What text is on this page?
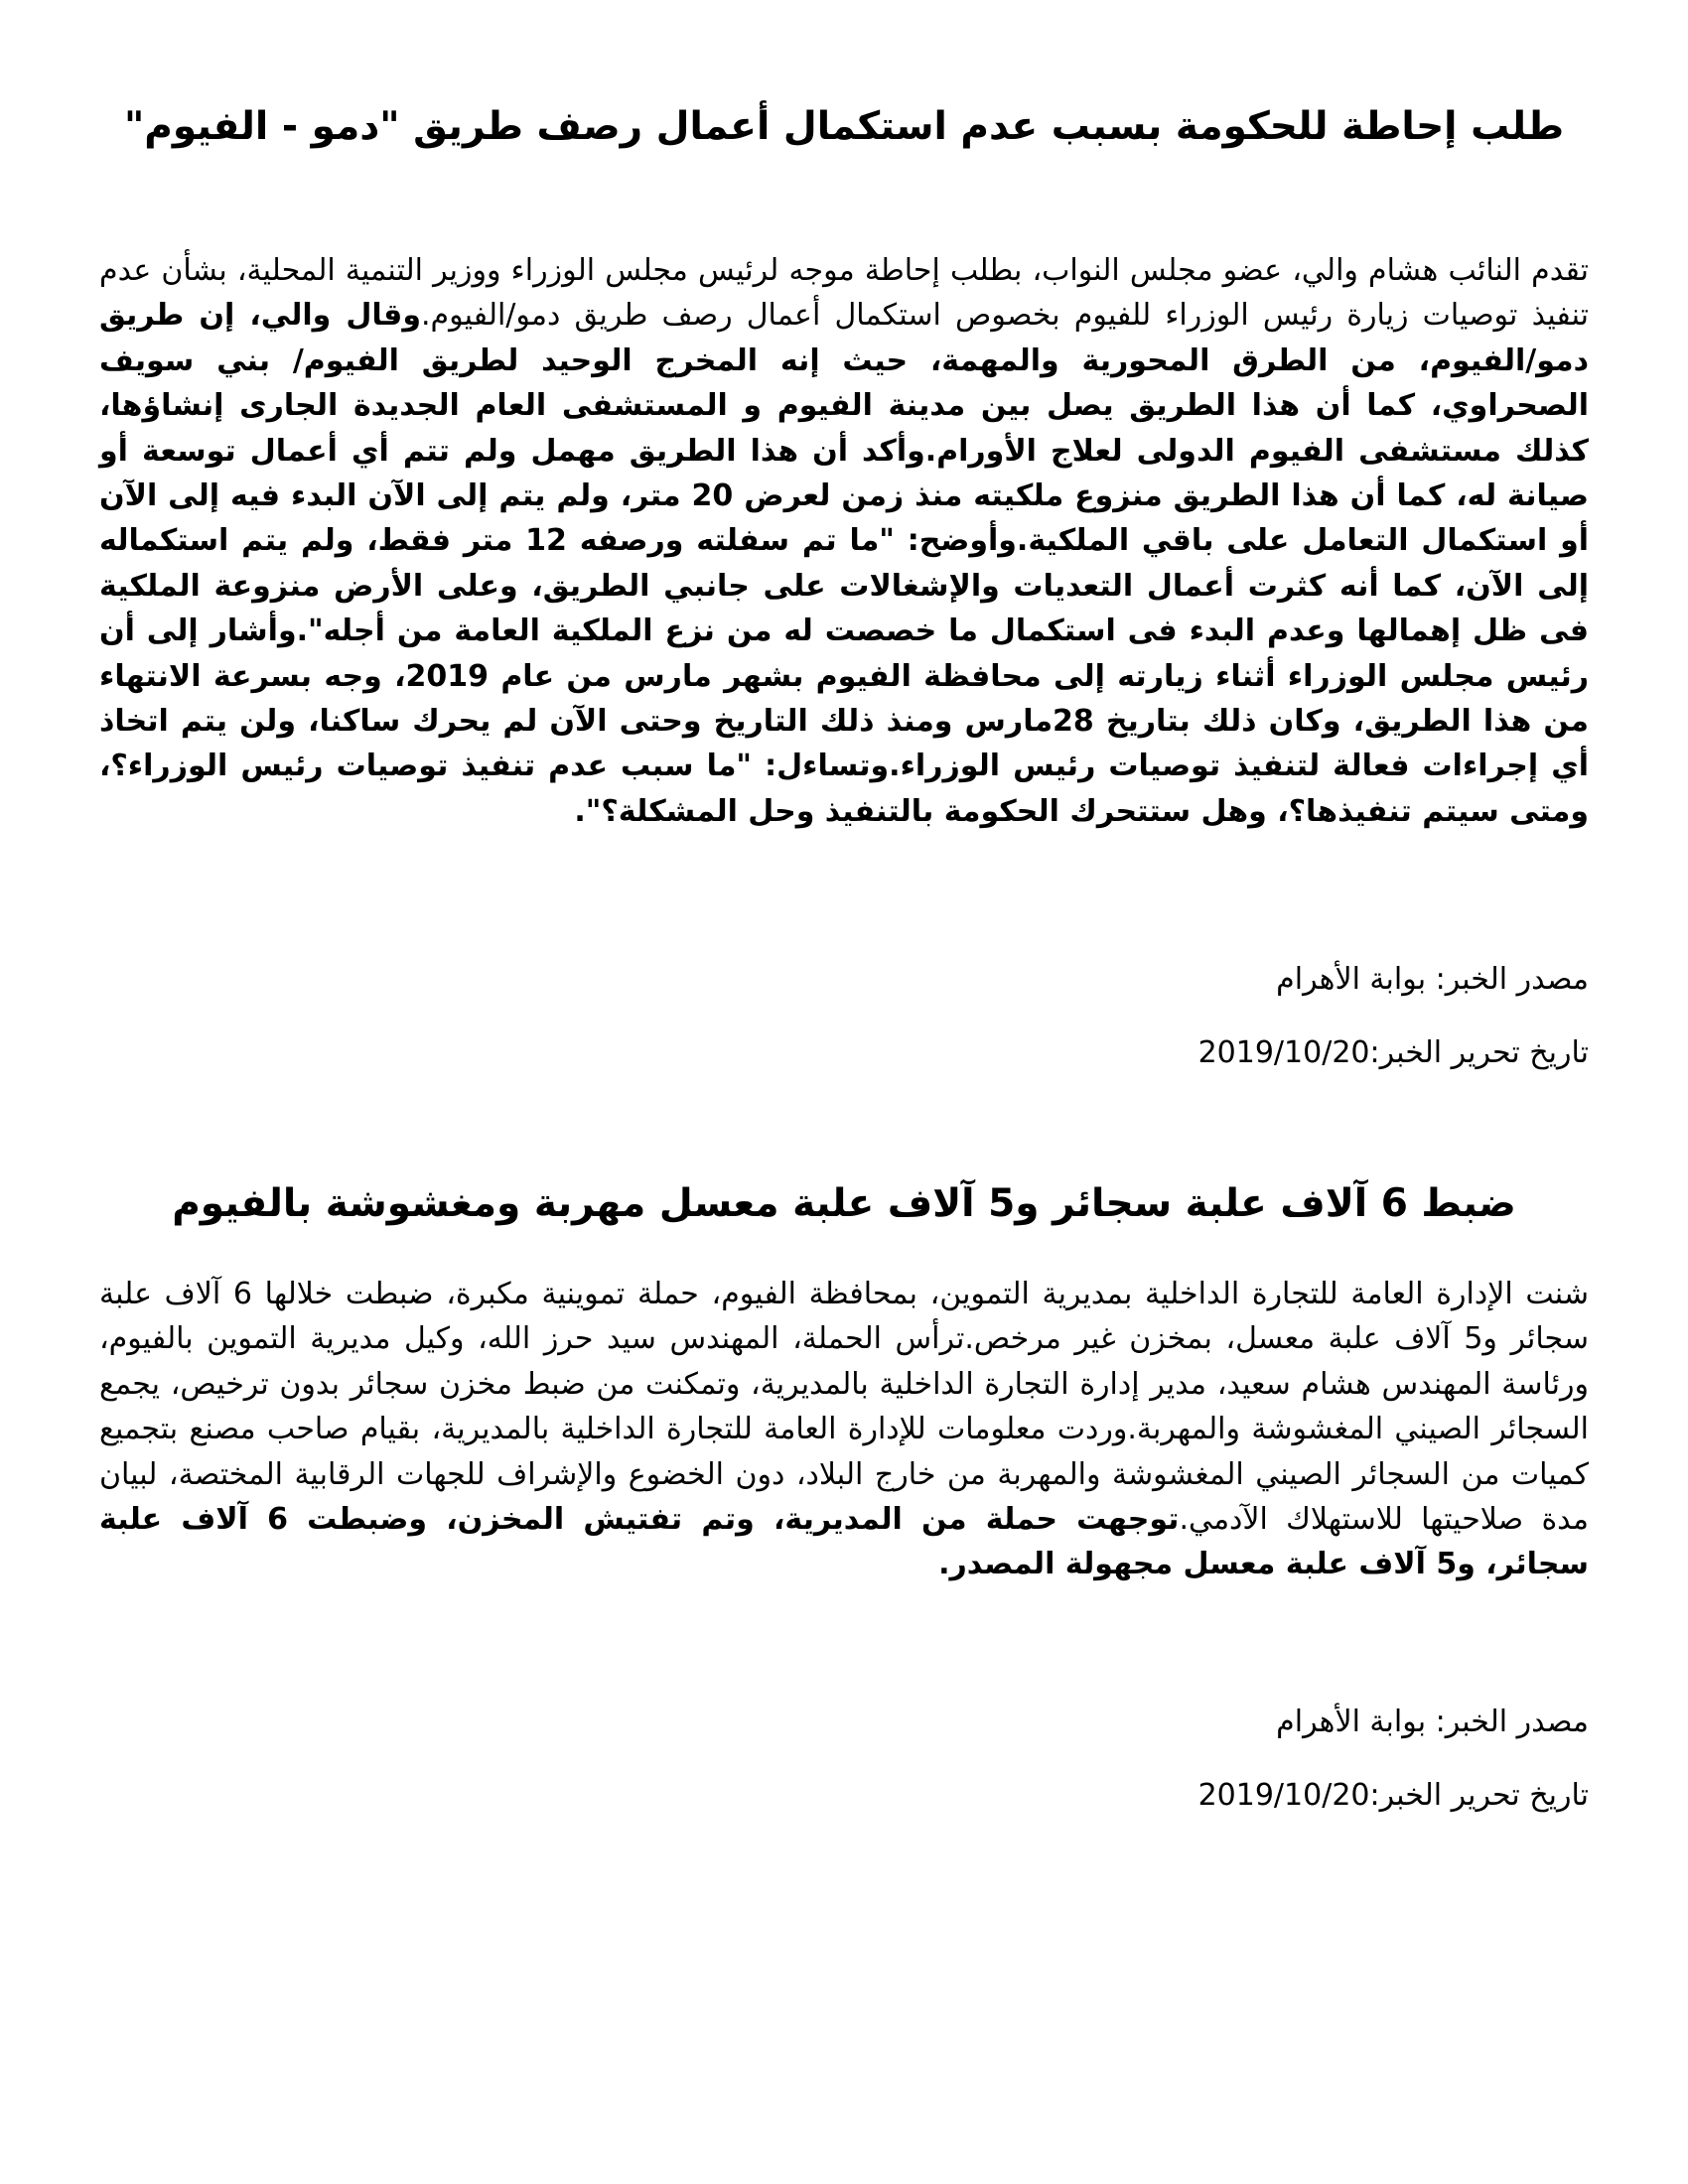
طلب إحاطة للحكومة بسبب عدم استكمال أعمال رصف طريق "دمو - الفيوم"

تقدم النائب هشام والي، عضو مجلس النواب، بطلب إحاطة موجه لرئيس مجلس الوزراء ووزير التنمية المحلية، بشأن عدم تنفيذ توصيات زيارة رئيس الوزراء للفيوم بخصوص استكمال أعمال رصف طريق دمو/الفيوم.وقال والي، إن طريق دمو/الفيوم، من الطرق المحورية والمهمة، حيث إنه المخرج الوحيد لطريق الفيوم/ بني سويف الصحراوي، كما أن هذا الطريق يصل بين مدينة الفيوم و المستشفى العام الجديدة الجارى إنشاؤها، كذلك مستشفى الفيوم الدولى لعلاج الأورام.وأكد أن هذا الطريق مهمل ولم تتم أي أعمال توسعة أو صيانة له، كما أن هذا الطريق منزوع ملكيته منذ زمن لعرض 20 متر، ولم يتم إلى الآن البدء فيه إلى الآن أو استكمال التعامل على باقي الملكية.وأوضح: "ما تم سفلته ورصفه 12 متر فقط، ولم يتم استكماله إلى الآن، كما أنه كثرت أعمال التعديات والإشغالات على جانبي الطريق، وعلى الأرض منزوعة الملكية فى ظل إهمالها وعدم البدء فى استكمال ما خصصت له من نزع الملكية العامة من أجله".وأشار إلى أن رئيس مجلس الوزراء أثناء زيارته إلى محافظة الفيوم بشهر مارس من عام 2019، وجه بسرعة الانتهاء من هذا الطريق، وكان ذلك بتاريخ 28مارس ومنذ ذلك التاريخ وحتى الآن لم يحرك ساكنا، ولن يتم اتخاذ أي إجراءات فعالة لتنفيذ توصيات رئيس الوزراء.وتساءل: "ما سبب عدم تنفيذ توصيات رئيس الوزراء؟، ومتى سيتم تنفيذها؟، وهل ستتحرك الحكومة بالتنفيذ وحل المشكلة؟".

مصدر الخبر: بوابة الأهرام

تاريخ تحرير الخبر:2019/10/20

ضبط 6 آلاف علبة سجائر و5 آلاف علبة معسل مهربة ومغشوشة بالفيوم

شنت الإدارة العامة للتجارة الداخلية بمديرية التموين، بمحافظة الفيوم، حملة تموينية مكبرة، ضبطت خلالها 6 آلاف علبة سجائر و5 آلاف علبة معسل، بمخزن غير مرخص.ترأس الحملة، المهندس سيد حرز الله، وكيل مديرية التموين بالفيوم، ورئاسة المهندس هشام سعيد، مدير إدارة التجارة الداخلية بالمديرية، وتمكنت من ضبط مخزن سجائر بدون ترخيص، يجمع السجائر الصيني المغشوشة والمهربة.وردت معلومات للإدارة العامة للتجارة الداخلية بالمديرية، بقيام صاحب مصنع بتجميع كميات من السجائر الصيني المغشوشة والمهربة من خارج البلاد، دون الخضوع والإشراف للجهات الرقابية المختصة، لبيان مدة صلاحيتها للاستهلاك الآدمي.توجهت حملة من المديرية، وتم تفتيش المخزن، وضبطت 6 آلاف علبة سجائر، و5 آلاف علبة معسل مجهولة المصدر.

مصدر الخبر: بوابة الأهرام

تاريخ تحرير الخبر:2019/10/20
